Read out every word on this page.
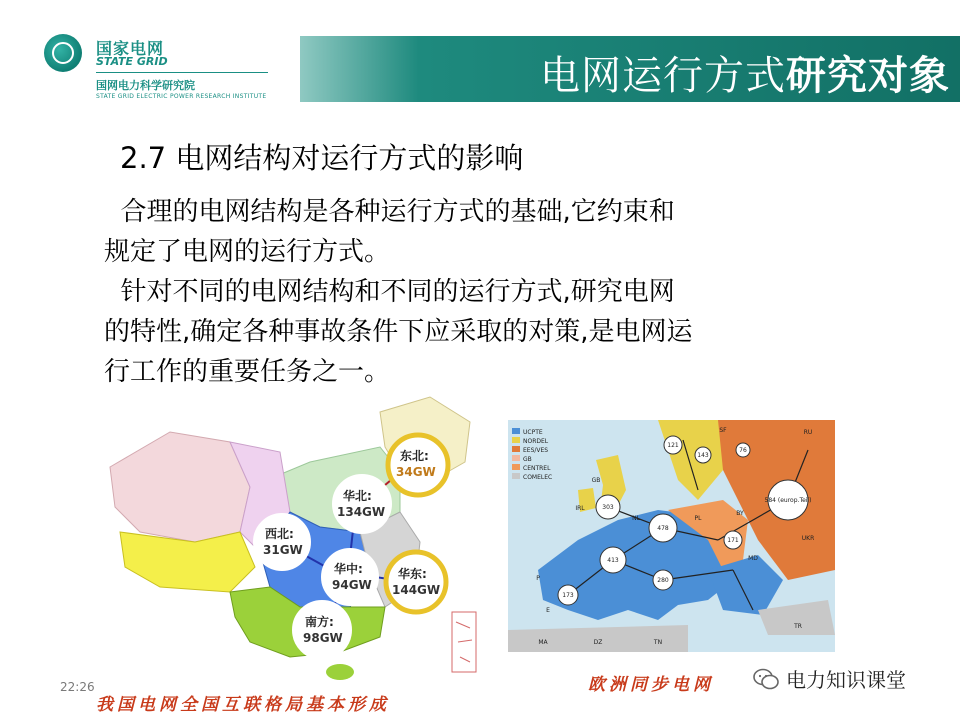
国家电网
STATE GRID
国网电力科学研究院
STATE GRID ELECTRIC POWER RESEARCH INSTITUTE	电网运行方式研究对象
2.7 电网结构对运行方式的影响
合理的电网结构是各种运行方式的基础,它约束和
规定了电网的运行方式。
针对不同的电网结构和不同的运行方式,研究电网
的特性,确定各种事故条件下应采取的对策,是电网运
行工作的重要任务之一。
东北:
34GW
华北:
134GW
西北:
31GW
华中:
94GW
华东:
144GW
南方:
98GW
UCPTE
NORDEL
EES/VES
GB
CENTREL
COMELEC
121
143
76
303
478
584 (europ.Teil)
171
413
280
173
IRL
GB
NL	PL
BY
UKR
RU
MD
TR
MA	DZ	TN
P
E
SF
22:26
我国电网全国互联格局基本形成
欧洲同步电网	电力知识课堂
